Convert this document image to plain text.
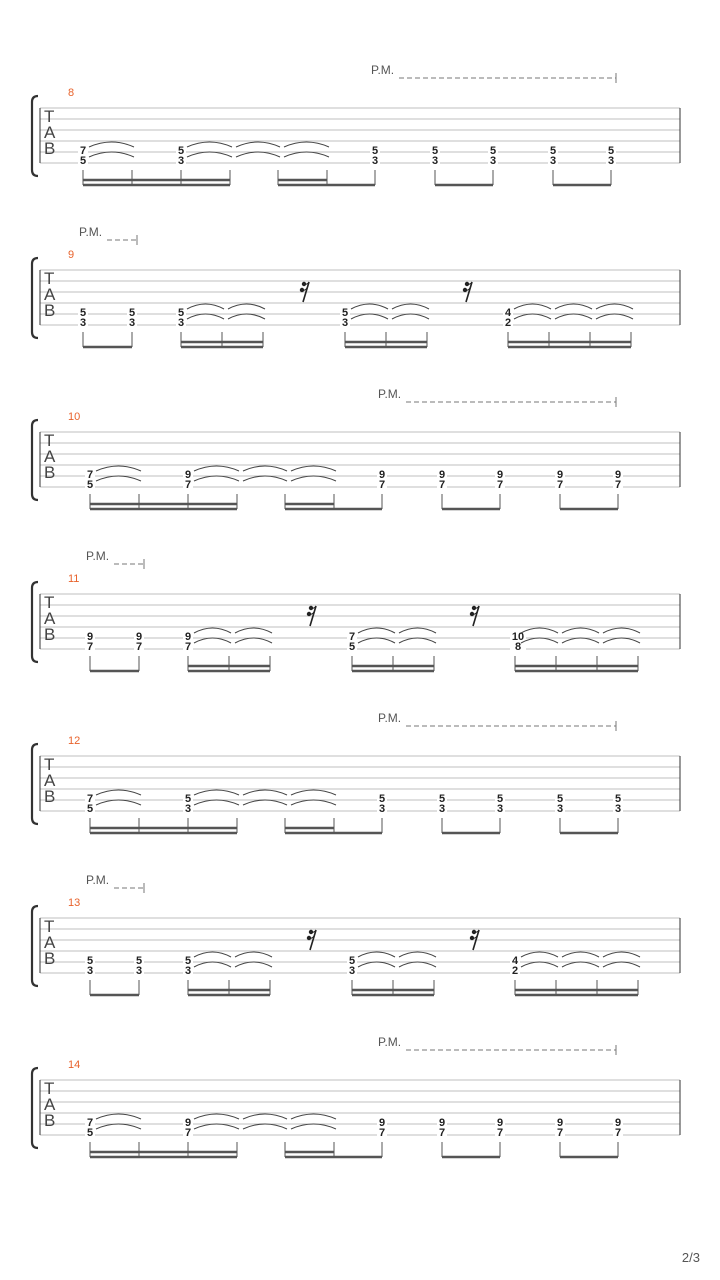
P.M.
8
T
A
B 7
5
5
3
5
3
5
3
5
3
5
3
5
3
P.M.
9
T
A
B 5
3
5
3
5
3
5
3
4
2
P.M.
10
T
A
B	7
5
9
7
9
7
9
7
9
7
9
7
9
7
P.M.
11
T
A
B	9
7
9
7
9
7
7
5
10
8
P.M.
12
T
A
B	7
5
5
3
5
3
5
3
5
3
5
3
5
3
P.M.
13
T
A
B	5
3
5
3
5
3
5
3
4
2
P.M.
14
T
A
B	7
5
9
7
9
7
9
7
9
7
9
7
9
7
2/3
